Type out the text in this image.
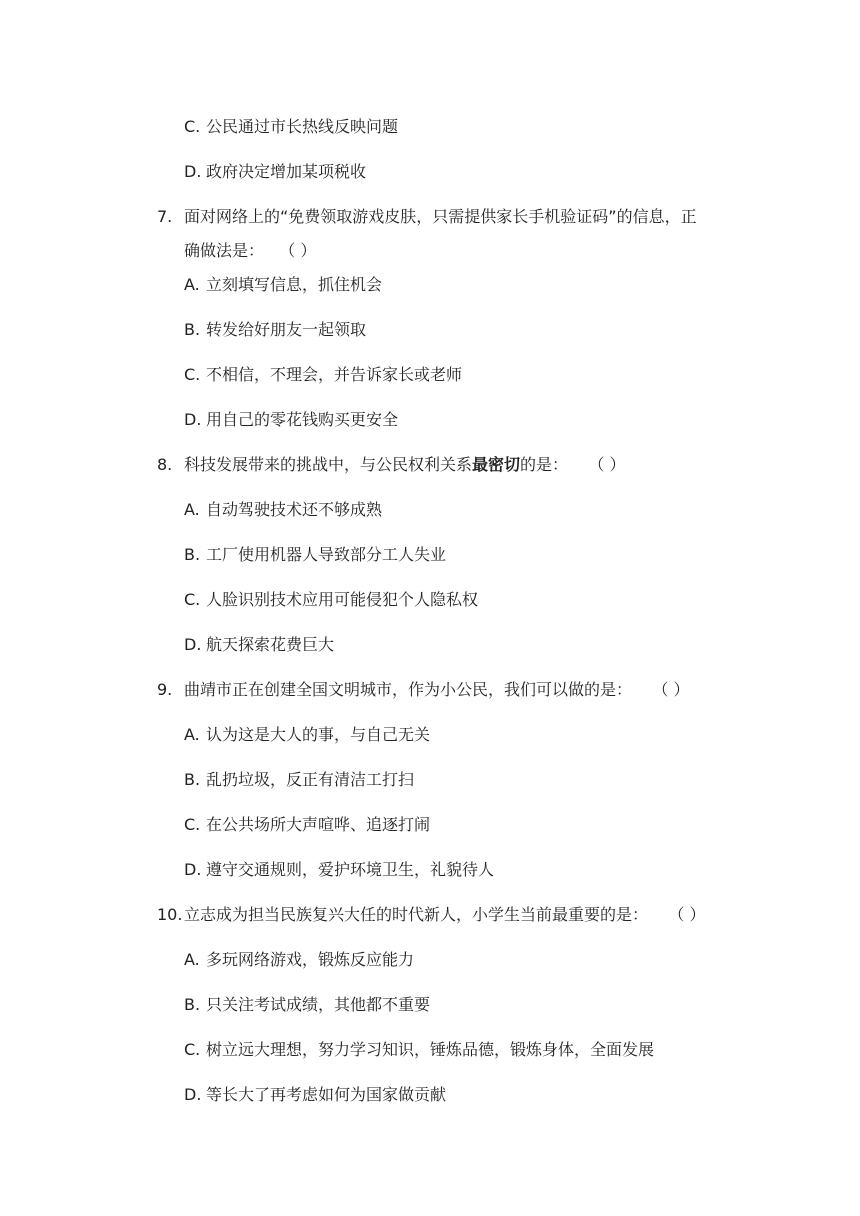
C. 公民通过市长热线反映问题
D. 政府决定增加某项税收
7. 面对网络上的“免费领取游戏皮肤，只需提供家长手机验证码”的信息，正
确做法是： （ ）
A. 立刻填写信息，抓住机会
B. 转发给好朋友一起领取
C. 不相信，不理会，并告诉家长或老师
D. 用自己的零花钱购买更安全
8. 科技发展带来的挑战中，与公民权利关系最密切的是： （ ）
A. 自动驾驶技术还不够成熟
B. 工厂使用机器人导致部分工人失业
C. 人脸识别技术应用可能侵犯个人隐私权
D. 航天探索花费巨大
9. 曲靖市正在创建全国文明城市，作为小公民，我们可以做的是： （ ）
A. 认为这是大人的事，与自己无关
B. 乱扔垃圾，反正有清洁工打扫
C. 在公共场所大声喧哗、追逐打闹
D. 遵守交通规则，爱护环境卫生，礼貌待人
10. 立志成为担当民族复兴大任的时代新人，小学生当前最重要的是： （ ）
A. 多玩网络游戏，锻炼反应能力
B. 只关注考试成绩，其他都不重要
C. 树立远大理想，努力学习知识，锤炼品德，锻炼身体，全面发展
D. 等长大了再考虑如何为国家做贡献
